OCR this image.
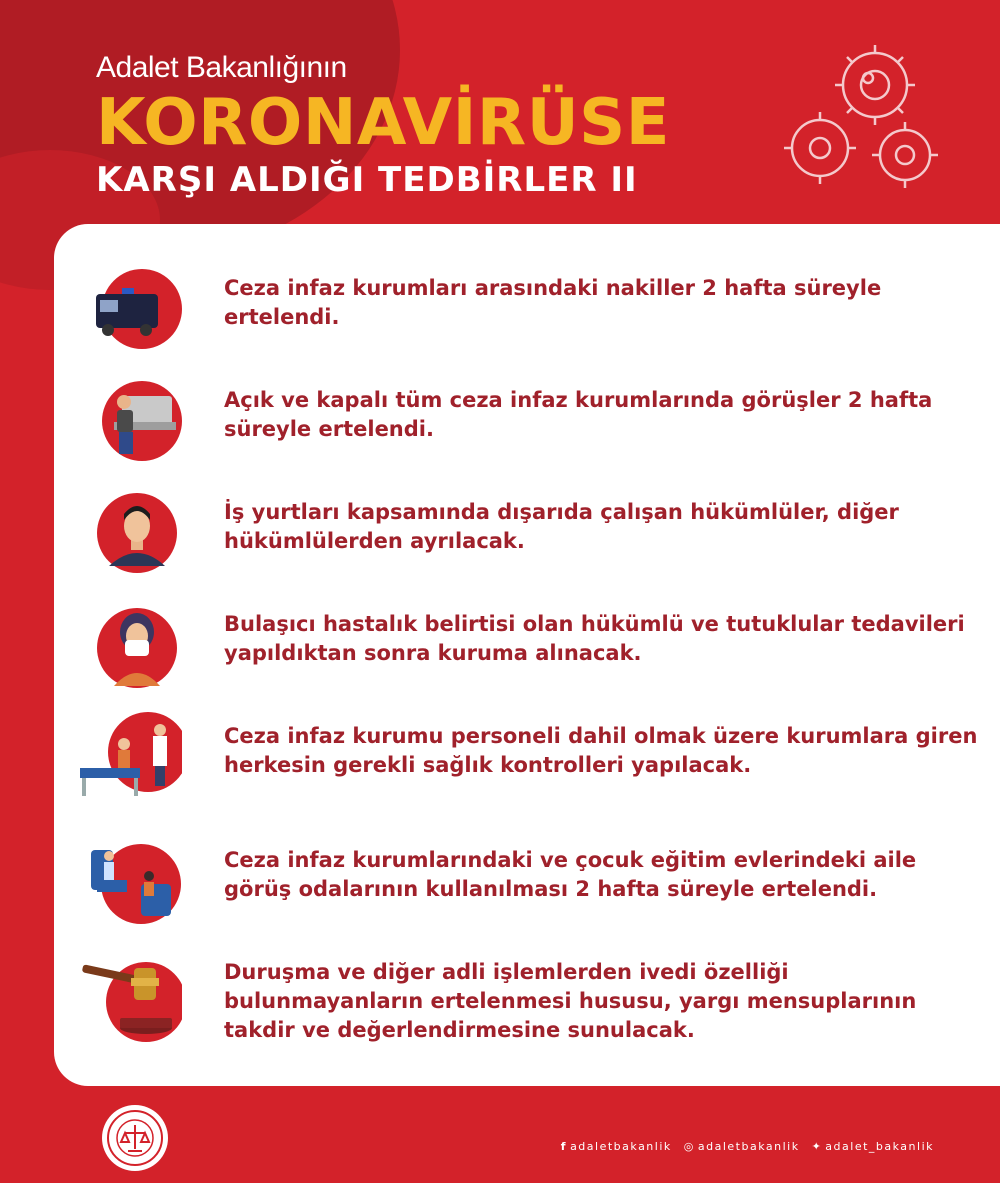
Adalet Bakanlığının
KORONAVİRÜSE
KARŞI ALDIĞI TEDBİRLER II
Ceza infaz kurumları arasındaki nakiller 2 hafta süreyle ertelendi.
Açık ve kapalı tüm ceza infaz kurumlarında görüşler 2 hafta süreyle ertelendi.
İş yurtları kapsamında dışarıda çalışan hükümlüler, diğer hükümlülerden ayrılacak.
Bulaşıcı hastalık belirtisi olan hükümlü ve tutuklular tedavileri yapıldıktan sonra kuruma alınacak.
Ceza infaz kurumu personeli dahil olmak üzere kurumlara giren herkesin gerekli sağlık kontrolleri yapılacak.
Ceza infaz kurumlarındaki ve çocuk eğitim evlerindeki aile görüş odalarının kullanılması 2 hafta süreyle ertelendi.
Duruşma ve diğer adli işlemlerden ivedi özelliği bulunmayanların ertelenmesi hususu, yargı mensuplarının takdir ve değerlendirmesine sunulacak.
f adaletbakanlik ◎ adaletbakanlik ✦ adalet_bakanlik
